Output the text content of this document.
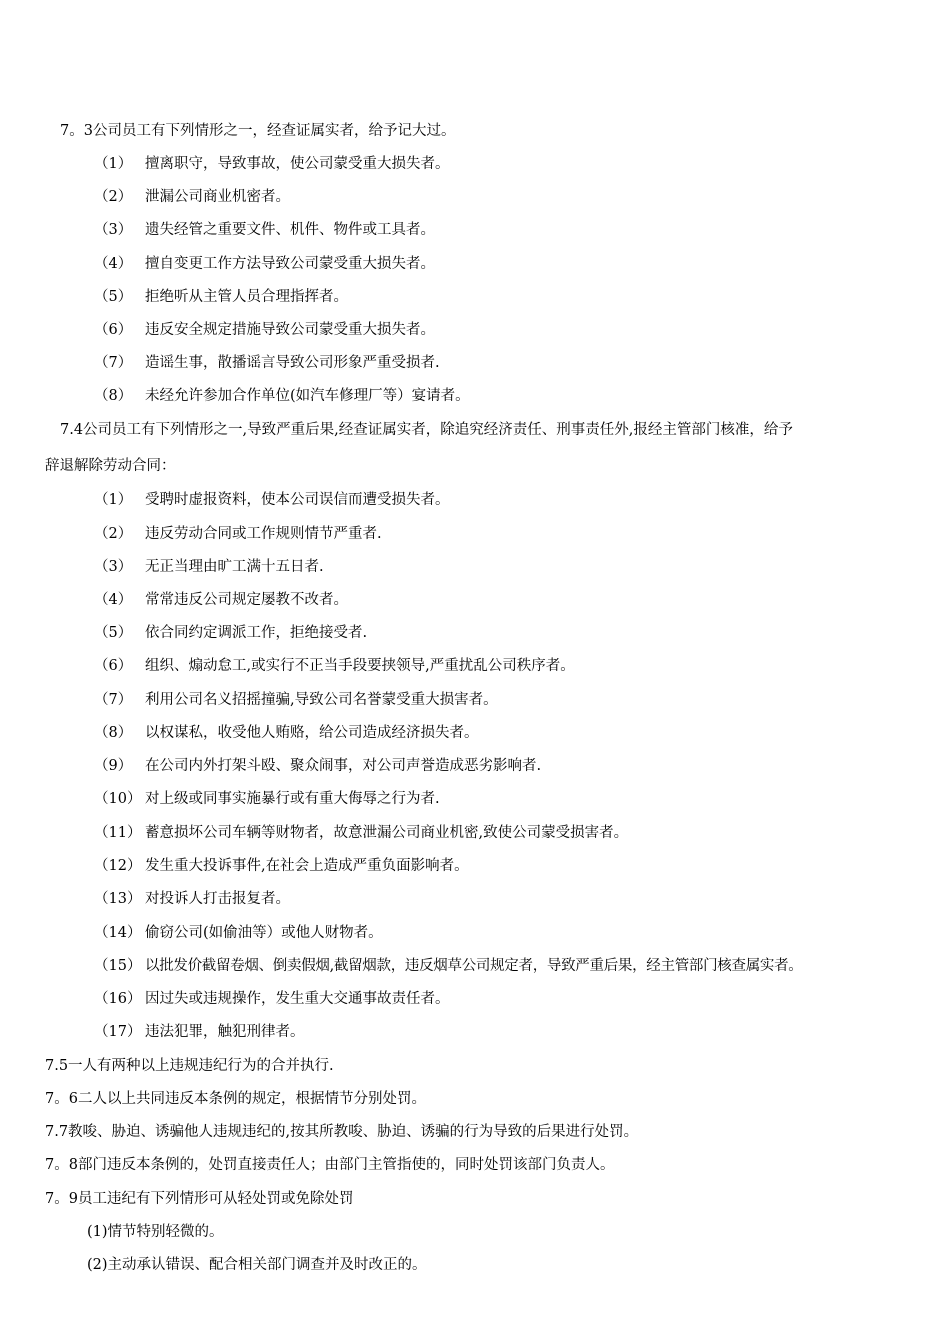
7。3公司员工有下列情形之一，经查证属实者，给予记大过。
（1） 擅离职守，导致事故，使公司蒙受重大损失者。
（2） 泄漏公司商业机密者。
（3） 遗失经管之重要文件、机件、物件或工具者。
（4） 擅自变更工作方法导致公司蒙受重大损失者。
（5） 拒绝听从主管人员合理指挥者。
（6） 违反安全规定措施导致公司蒙受重大损失者。
（7） 造谣生事，散播谣言导致公司形象严重受损者.
（8） 未经允许参加合作单位(如汽车修理厂等）宴请者。
7.4公司员工有下列情形之一,导致严重后果,经查证属实者，除追究经济责任、刑事责任外,报经主管部门核准，给予
辞退解除劳动合同：
（1） 受聘时虚报资料，使本公司误信而遭受损失者。
（2） 违反劳动合同或工作规则情节严重者.
（3） 无正当理由旷工满十五日者.
（4） 常常违反公司规定屡教不改者。
（5） 依合同约定调派工作，拒绝接受者.
（6） 组织、煽动怠工,或实行不正当手段要挟领导,严重扰乱公司秩序者。
（7） 利用公司名义招摇撞骗,导致公司名誉蒙受重大损害者。
（8） 以权谋私，收受他人贿赂，给公司造成经济损失者。
（9） 在公司内外打架斗殴、聚众闹事，对公司声誉造成恶劣影响者.
（10） 对上级或同事实施暴行或有重大侮辱之行为者.
（11） 蓄意损坏公司车辆等财物者，故意泄漏公司商业机密,致使公司蒙受损害者。
（12） 发生重大投诉事件,在社会上造成严重负面影响者。
（13） 对投诉人打击报复者。
（14） 偷窃公司(如偷油等）或他人财物者。
（15） 以批发价截留卷烟、倒卖假烟,截留烟款，违反烟草公司规定者，导致严重后果，经主管部门核查属实者。
（16） 因过失或违规操作，发生重大交通事故责任者。
（17） 违法犯罪，触犯刑律者。
7.5一人有两种以上违规违纪行为的合并执行.
7。6二人以上共同违反本条例的规定，根据情节分别处罚。
7.7教唆、胁迫、诱骗他人违规违纪的,按其所教唆、胁迫、诱骗的行为导致的后果进行处罚。
7。8部门违反本条例的，处罚直接责任人；由部门主管指使的，同时处罚该部门负责人。
7。9员工违纪有下列情形可从轻处罚或免除处罚
(1)情节特别轻微的。
(2)主动承认错误、配合相关部门调查并及时改正的。
